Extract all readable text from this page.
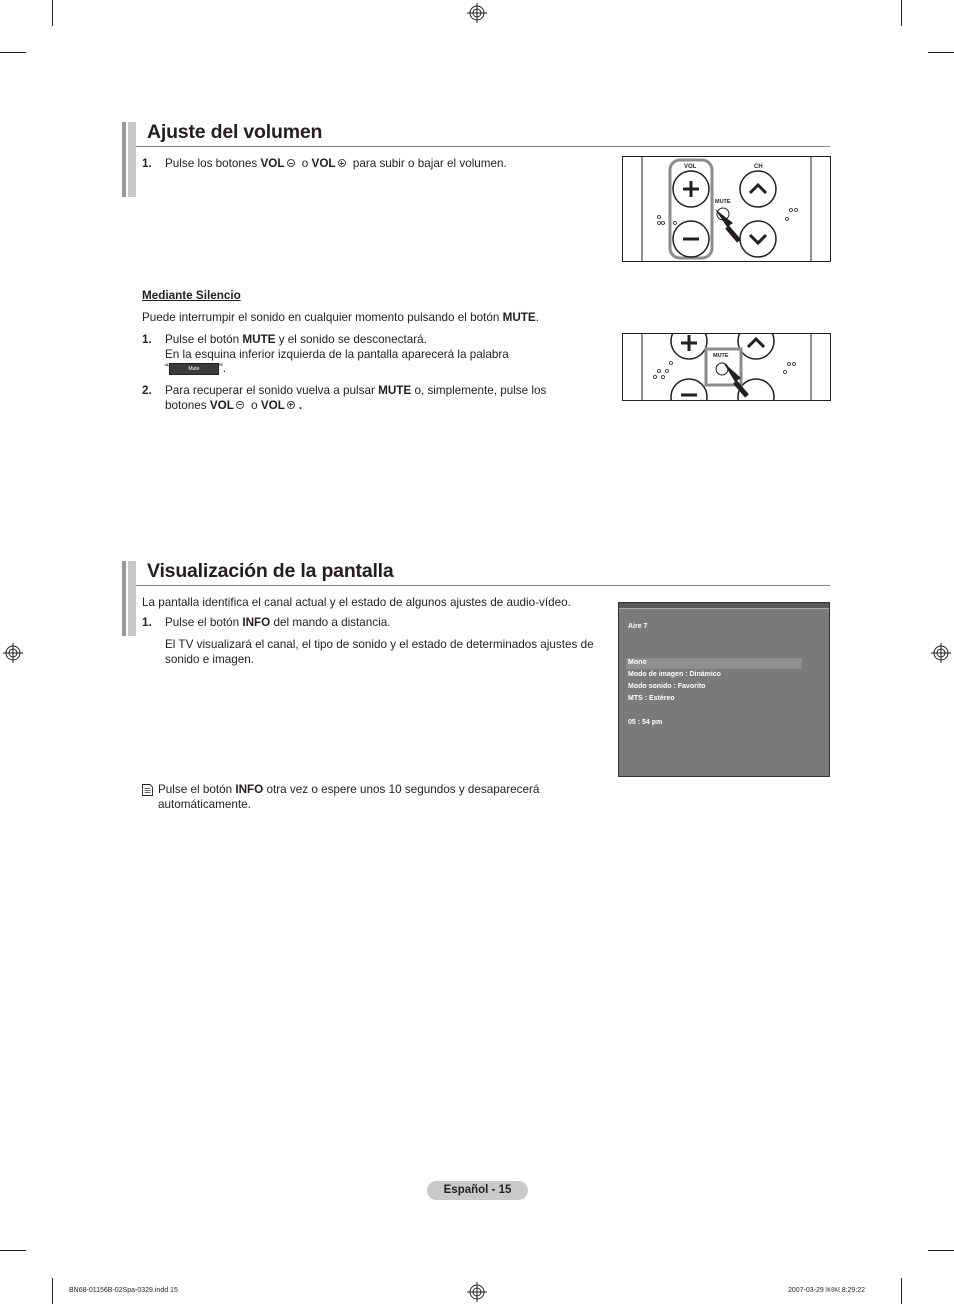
Ajuste del volumen
1. Pulse los botones VOL o VOL para subir o bajar el volumen.	VOL	CH
MUTE
Mediante Silencio
Puede interrumpir el sonido en cualquier momento pulsando el botón MUTE.
1. Pulse el botón MUTE y el sonido se desconectará.
En la esquina inferior izquierda de la pantalla aparecerá la palabra
“	Mute ”.
2. Para recuperar el sonido vuelva a pulsar MUTE o, simplemente, pulse los
botones VOL o VOL .
MUTE
Visualización de la pantalla
La pantalla identifica el canal actual y el estado de algunos ajustes de audio-vídeo.
1. Pulse el botón INFO del mando a distancia.
El TV visualizará el canal, el tipo de sonido y el estado de determinados ajustes de
sonido e imagen.
Aire 7
Mono
Modo de imagen : Dinámico
Modo sonido : Favorito
MTS : Estéreo
05 : 54 pm
Pulse el botón INFO otra vez o espere unos 10 segundos y desaparecerá
automáticamente.
Español - 15
BN68-01156B-02Spa-0329.indd 15	2007-03-29 ￼￼ 8:29:22
